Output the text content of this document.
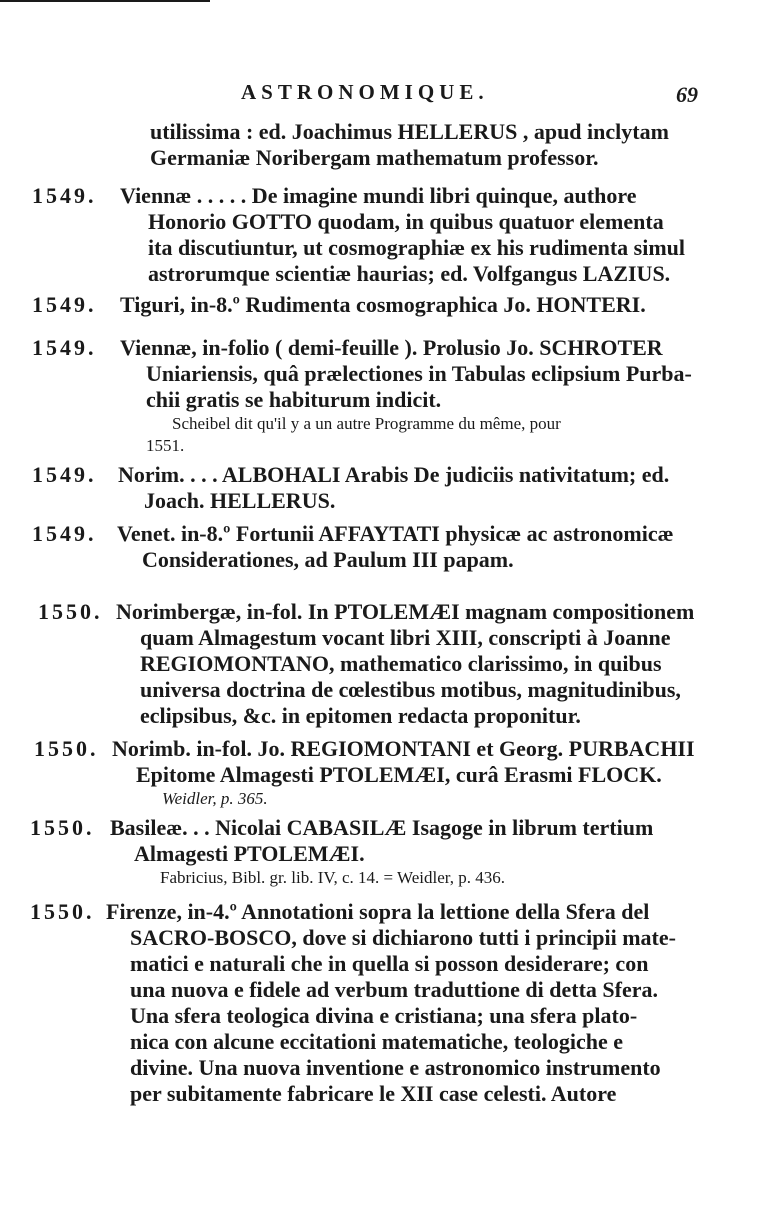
ASTRONOMIQUE.	69
utilissima : ed. Joachimus HELLERUS , apud inclytam
Germaniæ Noribergam mathematum professor.
1549. Viennæ . . . . . De imagine mundi libri quinque, authore
Honorio GOTTO quodam, in quibus quatuor elementa
ita discutiuntur, ut cosmographiæ ex his rudimenta simul
astrorumque scientiæ haurias; ed. Volfgangus LAZIUS.
1549. Tiguri, in-8.º Rudimenta cosmographica Jo. HONTERI.
1549. Viennæ, in-folio ( demi-feuille ). Prolusio Jo. SCHROTER
Uniariensis, quâ prælectiones in Tabulas eclipsium Purba-
chii gratis se habiturum indicit.
Scheibel dit qu'il y a un autre Programme du même, pour
1551.
1549. Norim. . . . ALBOHALI Arabis De judiciis nativitatum; ed.
Joach. HELLERUS.
1549. Venet. in-8.º Fortunii AFFAYTATI physicæ ac astronomicæ
Considerationes, ad Paulum III papam.
1550. Norimbergæ, in-fol. In PTOLEMÆI magnam compositionem
quam Almagestum vocant libri XIII, conscripti à Joanne
REGIOMONTANO, mathematico clarissimo, in quibus
universa doctrina de cœlestibus motibus, magnitudinibus,
eclipsibus, &c. in epitomen redacta proponitur.
1550. Norimb. in-fol. Jo. REGIOMONTANI et Georg. PURBACHII
Epitome Almagesti PTOLEMÆI, curâ Erasmi FLOCK.
Weidler, p. 365.
1550. Basileæ. . . Nicolai CABASILÆ Isagoge in librum tertium
Almagesti PTOLEMÆI.
Fabricius, Bibl. gr. lib. IV, c. 14. = Weidler, p. 436.
1550. Firenze, in-4.º Annotationi sopra la lettione della Sfera del
SACRO-BOSCO, dove si dichiarono tutti i principii mate-
matici e naturali che in quella si posson desiderare; con
una nuova e fidele ad verbum traduttione di detta Sfera.
Una sfera teologica divina e cristiana; una sfera plato-
nica con alcune eccitationi matematiche, teologiche e
divine. Una nuova inventione e astronomico instrumento
per subitamente fabricare le XII case celesti. Autore
